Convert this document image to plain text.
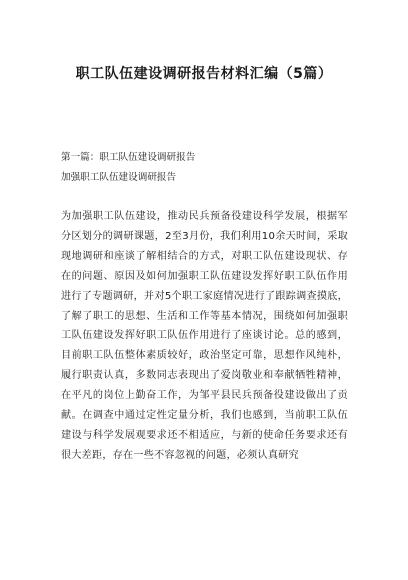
职工队伍建设调研报告材料汇编（5篇）

第一篇：职工队伍建设调研报告

加强职工队伍建设调研报告

为加强职工队伍建设，推动民兵预备役建设科学发展，根据军分区划分的调研课题，2至3月份，我们利用10余天时间，采取现地调研和座谈了解相结合的方式，对职工队伍建设现状、存在的问题、原因及如何加强职工队伍建设发挥好职工队伍作用进行了专题调研，并对5个职工家庭情况进行了跟踪调查摸底，了解了职工的思想、生活和工作等基本情况，围绕如何加强职工队伍建设发挥好职工队伍作用进行了座谈讨论。总的感到，目前职工队伍整体素质较好，政治坚定可靠，思想作风纯朴，履行职责认真，多数同志表现出了爱岗敬业和奉献牺牲精神，在平凡的岗位上勤奋工作，为邹平县民兵预备役建设做出了贡献。在调查中通过定性定量分析，我们也感到，当前职工队伍建设与科学发展观要求还不相适应，与新的使命任务要求还有很大差距，存在一些不容忽视的问题，必须认真研究
